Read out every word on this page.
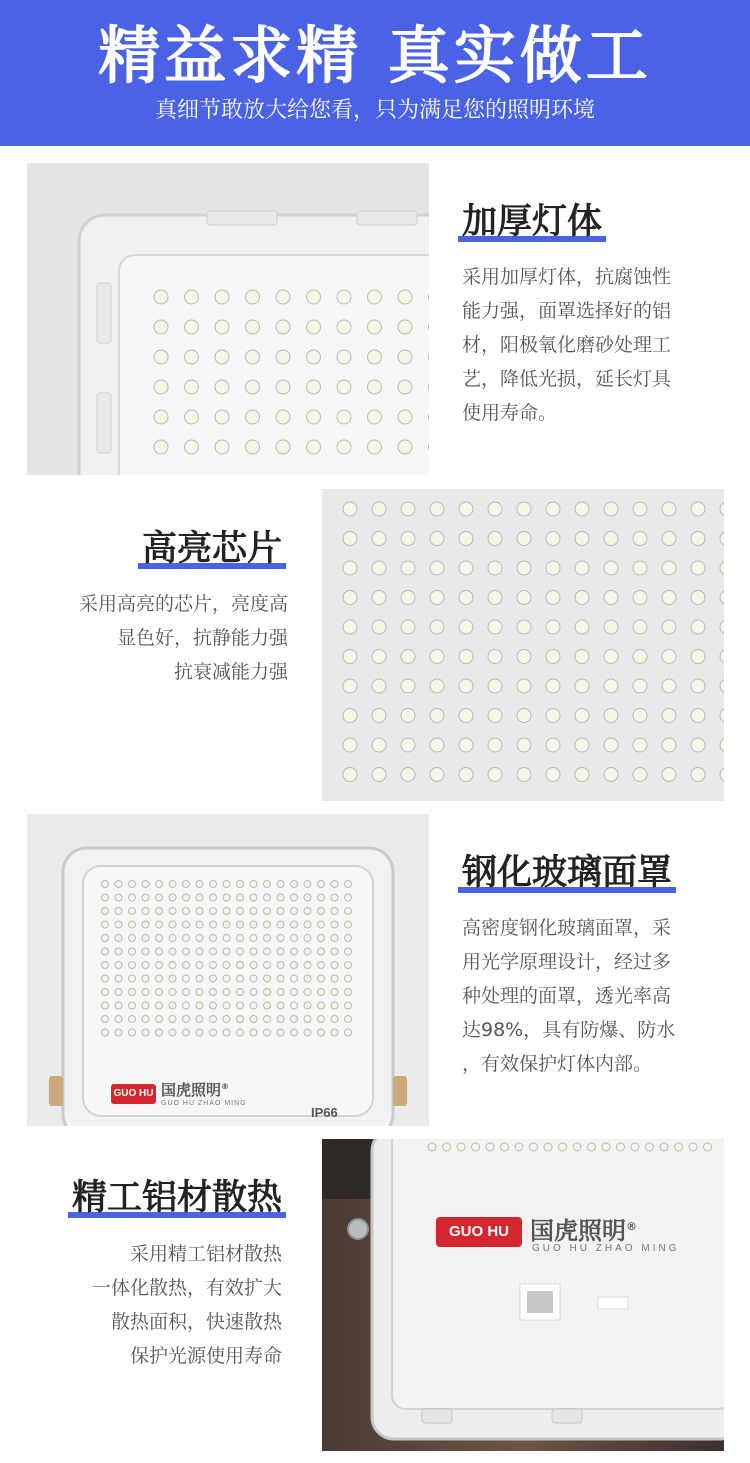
精益求精 真实做工

真细节敢放大给您看，只为满足您的照明环境

加厚灯体
采用加厚灯体，抗腐蚀性
能力强，面罩选择好的铝
材，阳极氧化磨砂处理工
艺，降低光损，延长灯具
使用寿命。
高亮芯片
采用高亮的芯片，亮度高
显色好，抗静能力强
抗衰减能力强
GUO HU 国虎照明®
GUO HU ZHAO MING
IP66
钢化玻璃面罩
高密度钢化玻璃面罩，采
用光学原理设计，经过多
种处理的面罩，透光率高
达98%，具有防爆、防水
，有效保护灯体内部。
精工铝材散热
采用精工铝材散热
一体化散热，有效扩大
散热面积，快速散热
保护光源使用寿命
GUO HU 国虎照明®
GUO HU ZHAO MING
